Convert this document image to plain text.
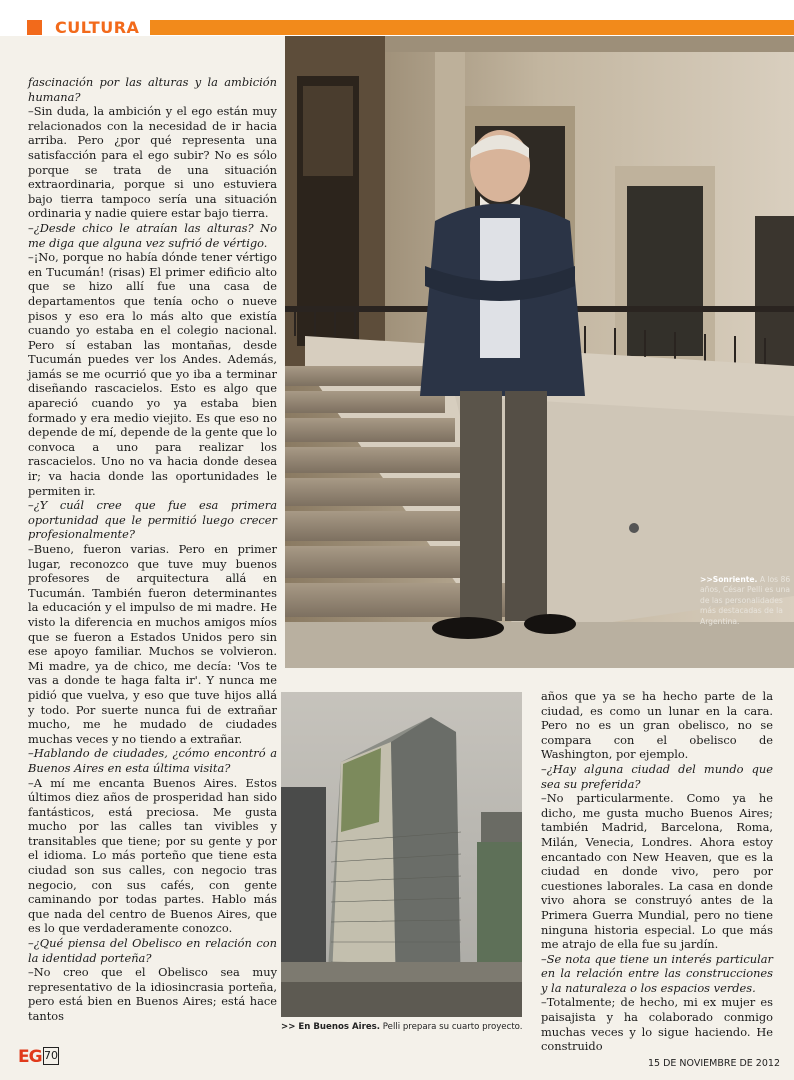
CULTURA

fascinación por las alturas y la ambición humana?

–Sin duda, la ambición y el ego están muy relacionados con la necesidad de ir hacia arriba. Pero ¿por qué representa una satisfacción para el ego subir? No es sólo porque se trata de una situación extraordinaria, porque si uno estuviera bajo tierra tampoco sería una situación ordinaria y nadie quiere estar bajo tierra.

–¿Desde chico le atraían las alturas? No me diga que alguna vez sufrió de vértigo.

–¡No, porque no había dónde tener vértigo en Tucumán! (risas) El primer edificio alto que se hizo allí fue una casa de departamentos que tenía ocho o nueve pisos y eso era lo más alto que existía cuando yo estaba en el colegio nacional. Pero sí estaban las montañas, desde Tucumán puedes ver los Andes. Además, jamás se me ocurrió que yo iba a terminar diseñando rascacielos. Esto es algo que apareció cuando yo ya estaba bien formado y era medio viejito. Es que eso no depende de mí, depende de la gente que lo convoca a uno para realizar los rascacielos. Uno no va hacia donde desea ir; va hacia donde las oportunidades le permiten ir.

–¿Y cuál cree que fue esa primera oportunidad que le permitió luego crecer profesionalmente?

–Bueno, fueron varias. Pero en primer lugar, reconozco que tuve muy buenos profesores de arquitectura allá en Tucumán. También fueron determinantes la educación y el impulso de mi madre. He visto la diferencia en muchos amigos míos que se fueron a Estados Unidos pero sin ese apoyo familiar. Muchos se volvieron. Mi madre, ya de chico, me decía: 'Vos te vas a donde te haga falta ir'. Y nunca me pidió que vuelva, y eso que tuve hijos allá y todo. Por suerte nunca fui de extrañar mucho, me he mudado de ciudades muchas veces y no tiendo a extrañar.

–Hablando de ciudades, ¿cómo encontró a Buenos Aires en esta última visita?

–A mí me encanta Buenos Aires. Estos últimos diez años de prosperidad han sido fantásticos, está preciosa. Me gusta mucho por las calles tan vivibles y transitables que tiene; por su gente y por el idioma. Lo más porteño que tiene esta ciudad son sus calles, con negocio tras negocio, con sus cafés, con gente caminando por todas partes. Hablo más que nada del centro de Buenos Aires, que es lo que verdaderamente conozco.

–¿Qué piensa del Obelisco en relación con la identidad porteña?

–No creo que el Obelisco sea muy representativo de la idiosincrasia porteña, pero está bien en Buenos Aires; está hace tantos

>>Sonriente. A los 86 años, César Pelli es una de las personalidades más destacadas de la Argentina.
>> En Buenos Aires. Pelli prepara su cuarto proyecto.

años que ya se ha hecho parte de la ciudad, es como un lunar en la cara. Pero no es un gran obelisco, no se compara con el obelisco de Washington, por ejemplo.

–¿Hay alguna ciudad del mundo que sea su preferida?

–No particularmente. Como ya he dicho, me gusta mucho Buenos Aires; también Madrid, Barcelona, Roma, Milán, Venecia, Londres. Ahora estoy encantado con New Heaven, que es la ciudad en donde vivo, pero por cuestiones laborales. La casa en donde vivo ahora se construyó antes de la Primera Guerra Mundial, pero no tiene ninguna historia especial. Lo que más me atrajo de ella fue su jardín.

–Se nota que tiene un interés particular en la relación entre las construcciones y la naturaleza o los espacios verdes.

–Totalmente; de hecho, mi ex mujer es paisajista y ha colaborado conmigo muchas veces y lo sigue haciendo. He construido

EG 70
15 DE NOVIEMBRE DE 2012
